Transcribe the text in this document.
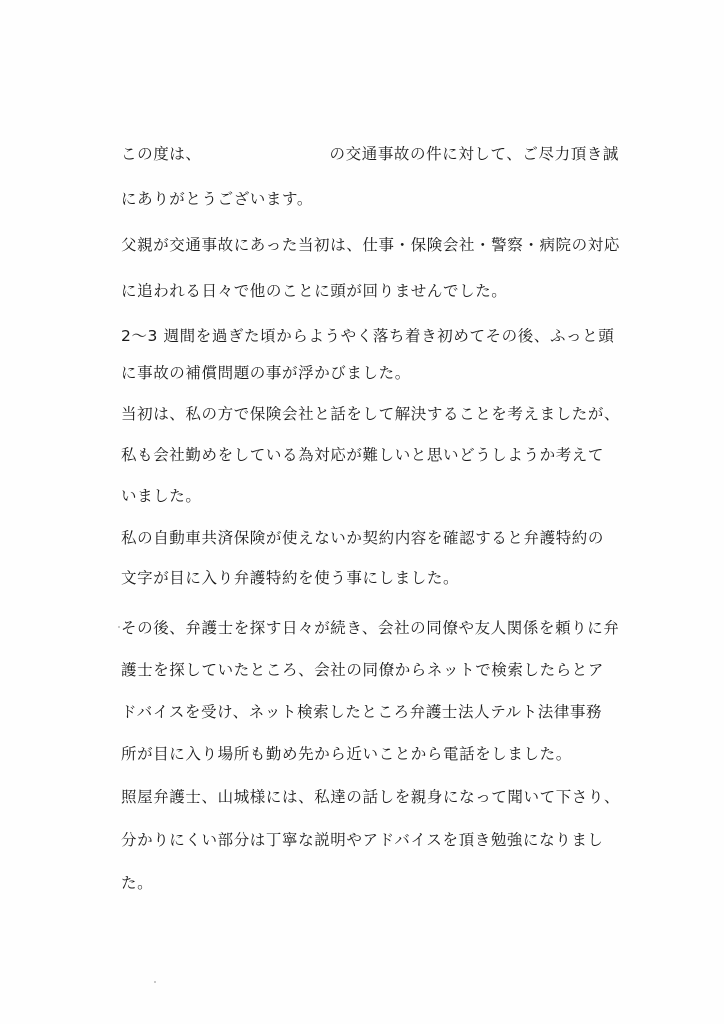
この度は、	の交通事故の件に対して、ご尽力頂き誠
にありがとうございます。
父親が交通事故にあった当初は、仕事・保険会社・警察・病院の対応
に追われる日々で他のことに頭が回りませんでした。
2～3 週間を過ぎた頃からようやく落ち着き初めてその後、ふっと頭
に事故の補償問題の事が浮かびました。
当初は、私の方で保険会社と話をして解決することを考えましたが、
私も会社勤めをしている為対応が難しいと思いどうしようか考えて
いました。
私の自動車共済保険が使えないか契約内容を確認すると弁護特約の
文字が目に入り弁護特約を使う事にしました。
その後、弁護士を探す日々が続き、会社の同僚や友人関係を頼りに弁
護士を探していたところ、会社の同僚からネットで検索したらとア
ドバイスを受け、ネット検索したところ弁護士法人テルト法律事務
所が目に入り場所も勤め先から近いことから電話をしました。
照屋弁護士、山城様には、私達の話しを親身になって聞いて下さり、
分かりにくい部分は丁寧な説明やアドバイスを頂き勉強になりまし
た。
